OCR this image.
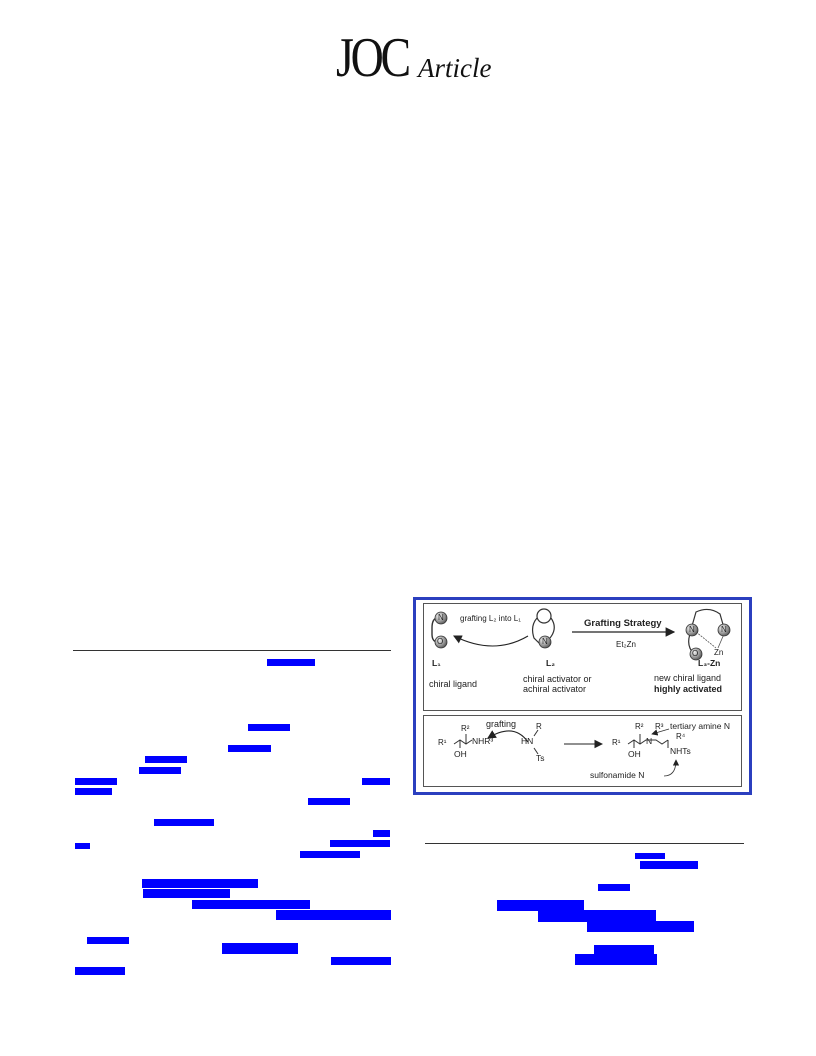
JOC Article
N
O	N
N	N
O Zn
grafting L₂ into L₁	Grafting Strategy
Et₂Zn
L₁
chiral ligand
L₂
chiral activator or
achiral activator
L₃-Zn
new chiral ligand
highly activated
grafting
R¹
R²
NHR³
OH
R
HN
Ts
R¹
R² R³
N	R⁴
OH	NHTs
tertiary amine N
sulfonamide N
